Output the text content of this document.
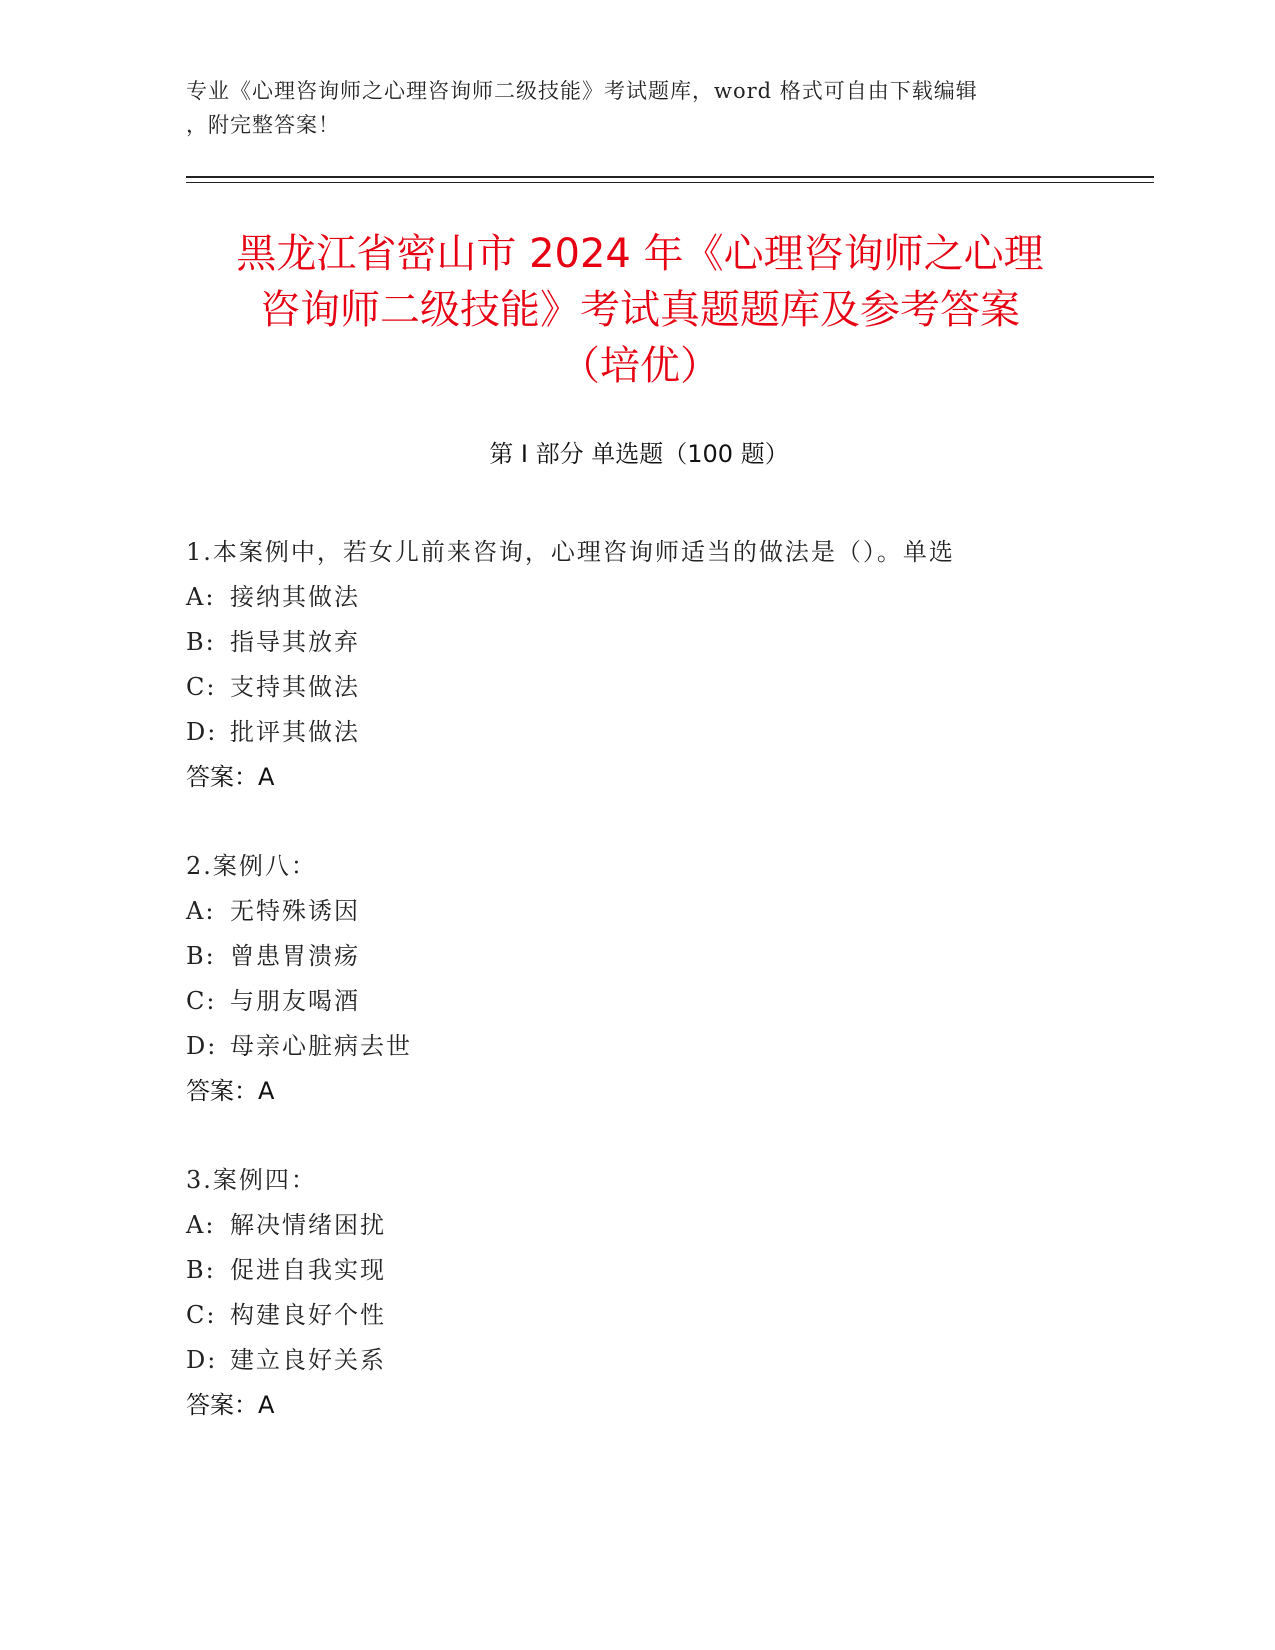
专业《心理咨询师之心理咨询师二级技能》考试题库，word 格式可自由下载编辑
，附完整答案！
黑龙江省密山市 2024 年《心理咨询师之心理
咨询师二级技能》考试真题题库及参考答案
（培优）
第 I 部分 单选题（100 题）
1.本案例中，若女儿前来咨询，心理咨询师适当的做法是（）。单选
A: 接纳其做法
B: 指导其放弃
C: 支持其做法
D: 批评其做法
答案：A
2.案例八：
A: 无特殊诱因
B: 曾患胃溃疡
C: 与朋友喝酒
D: 母亲心脏病去世
答案：A
3.案例四：
A: 解决情绪困扰
B: 促进自我实现
C: 构建良好个性
D: 建立良好关系
答案：A
